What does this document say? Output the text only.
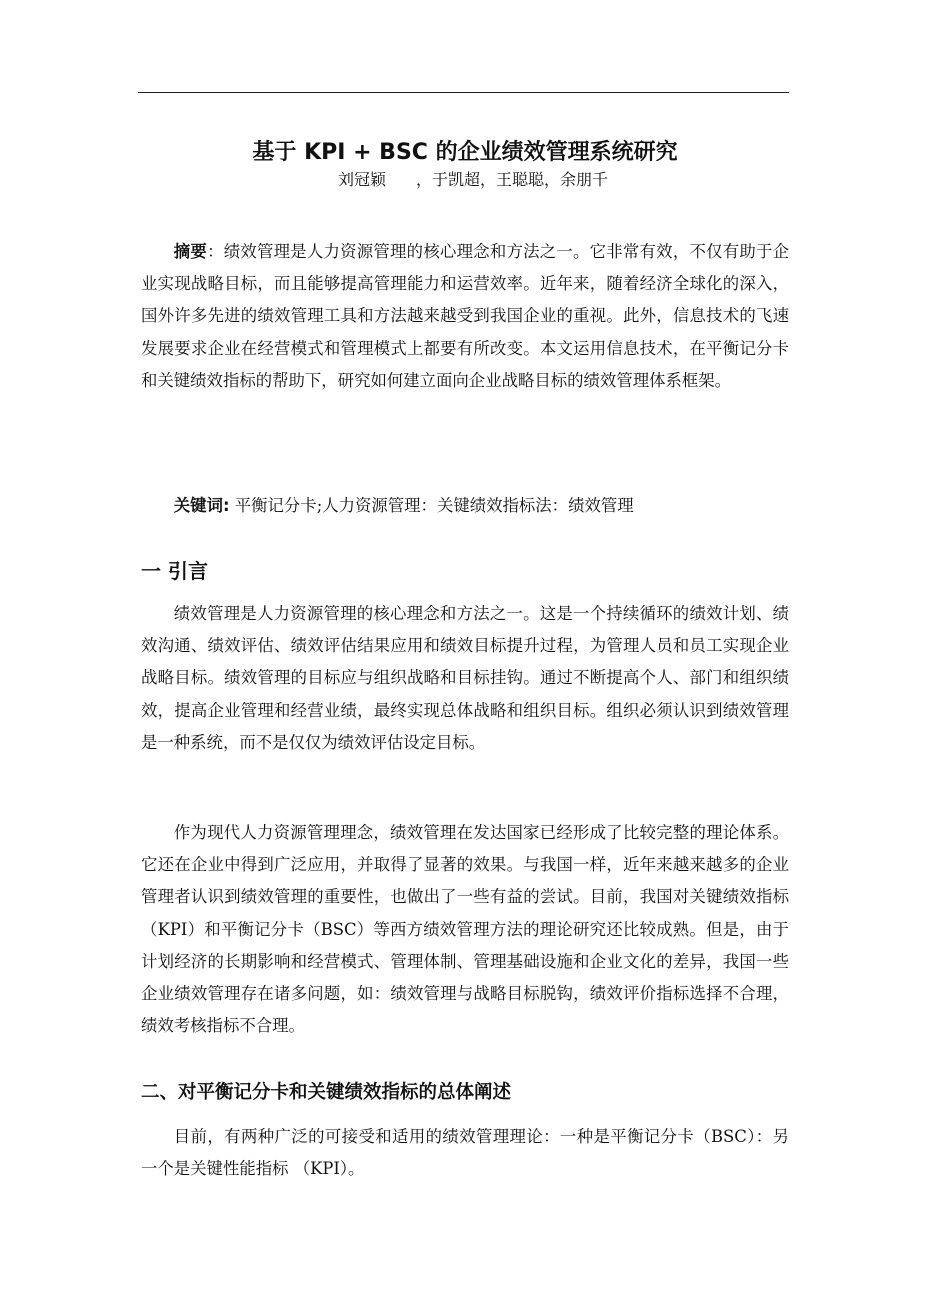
基于 KPI + BSC 的企业绩效管理系统研究
刘冠颖 ，于凯超，王聪聪，余朋千

摘要：绩效管理是人力资源管理的核心理念和方法之一。它非常有效，不仅有助于企业实现战略目标，而且能够提高管理能力和运营效率。近年来，随着经济全球化的深入，国外许多先进的绩效管理工具和方法越来越受到我国企业的重视。此外，信息技术的飞速发展要求企业在经营模式和管理模式上都要有所改变。本文运用信息技术，在平衡记分卡和关键绩效指标的帮助下，研究如何建立面向企业战略目标的绩效管理体系框架。

关键词: 平衡记分卡;人力资源管理：关键绩效指标法：绩效管理

一 引言

绩效管理是人力资源管理的核心理念和方法之一。这是一个持续循环的绩效计划、绩效沟通、绩效评估、绩效评估结果应用和绩效目标提升过程，为管理人员和员工实现企业战略目标。绩效管理的目标应与组织战略和目标挂钩。通过不断提高个人、部门和组织绩效，提高企业管理和经营业绩，最终实现总体战略和组织目标。组织必须认识到绩效管理是一种系统，而不是仅仅为绩效评估设定目标。

作为现代人力资源管理理念，绩效管理在发达国家已经形成了比较完整的理论体系。它还在企业中得到广泛应用，并取得了显著的效果。与我国一样，近年来越来越多的企业管理者认识到绩效管理的重要性，也做出了一些有益的尝试。目前，我国对关键绩效指标（KPI）和平衡记分卡（BSC）等西方绩效管理方法的理论研究还比较成熟。但是，由于计划经济的长期影响和经营模式、管理体制、管理基础设施和企业文化的差异，我国一些企业绩效管理存在诸多问题，如：绩效管理与战略目标脱钩，绩效评价指标选择不合理，绩效考核指标不合理。

二、对平衡记分卡和关键绩效指标的总体阐述

目前，有两种广泛的可接受和适用的绩效管理理论：一种是平衡记分卡（BSC）：另一个是关键性能指标 （KPI）。
